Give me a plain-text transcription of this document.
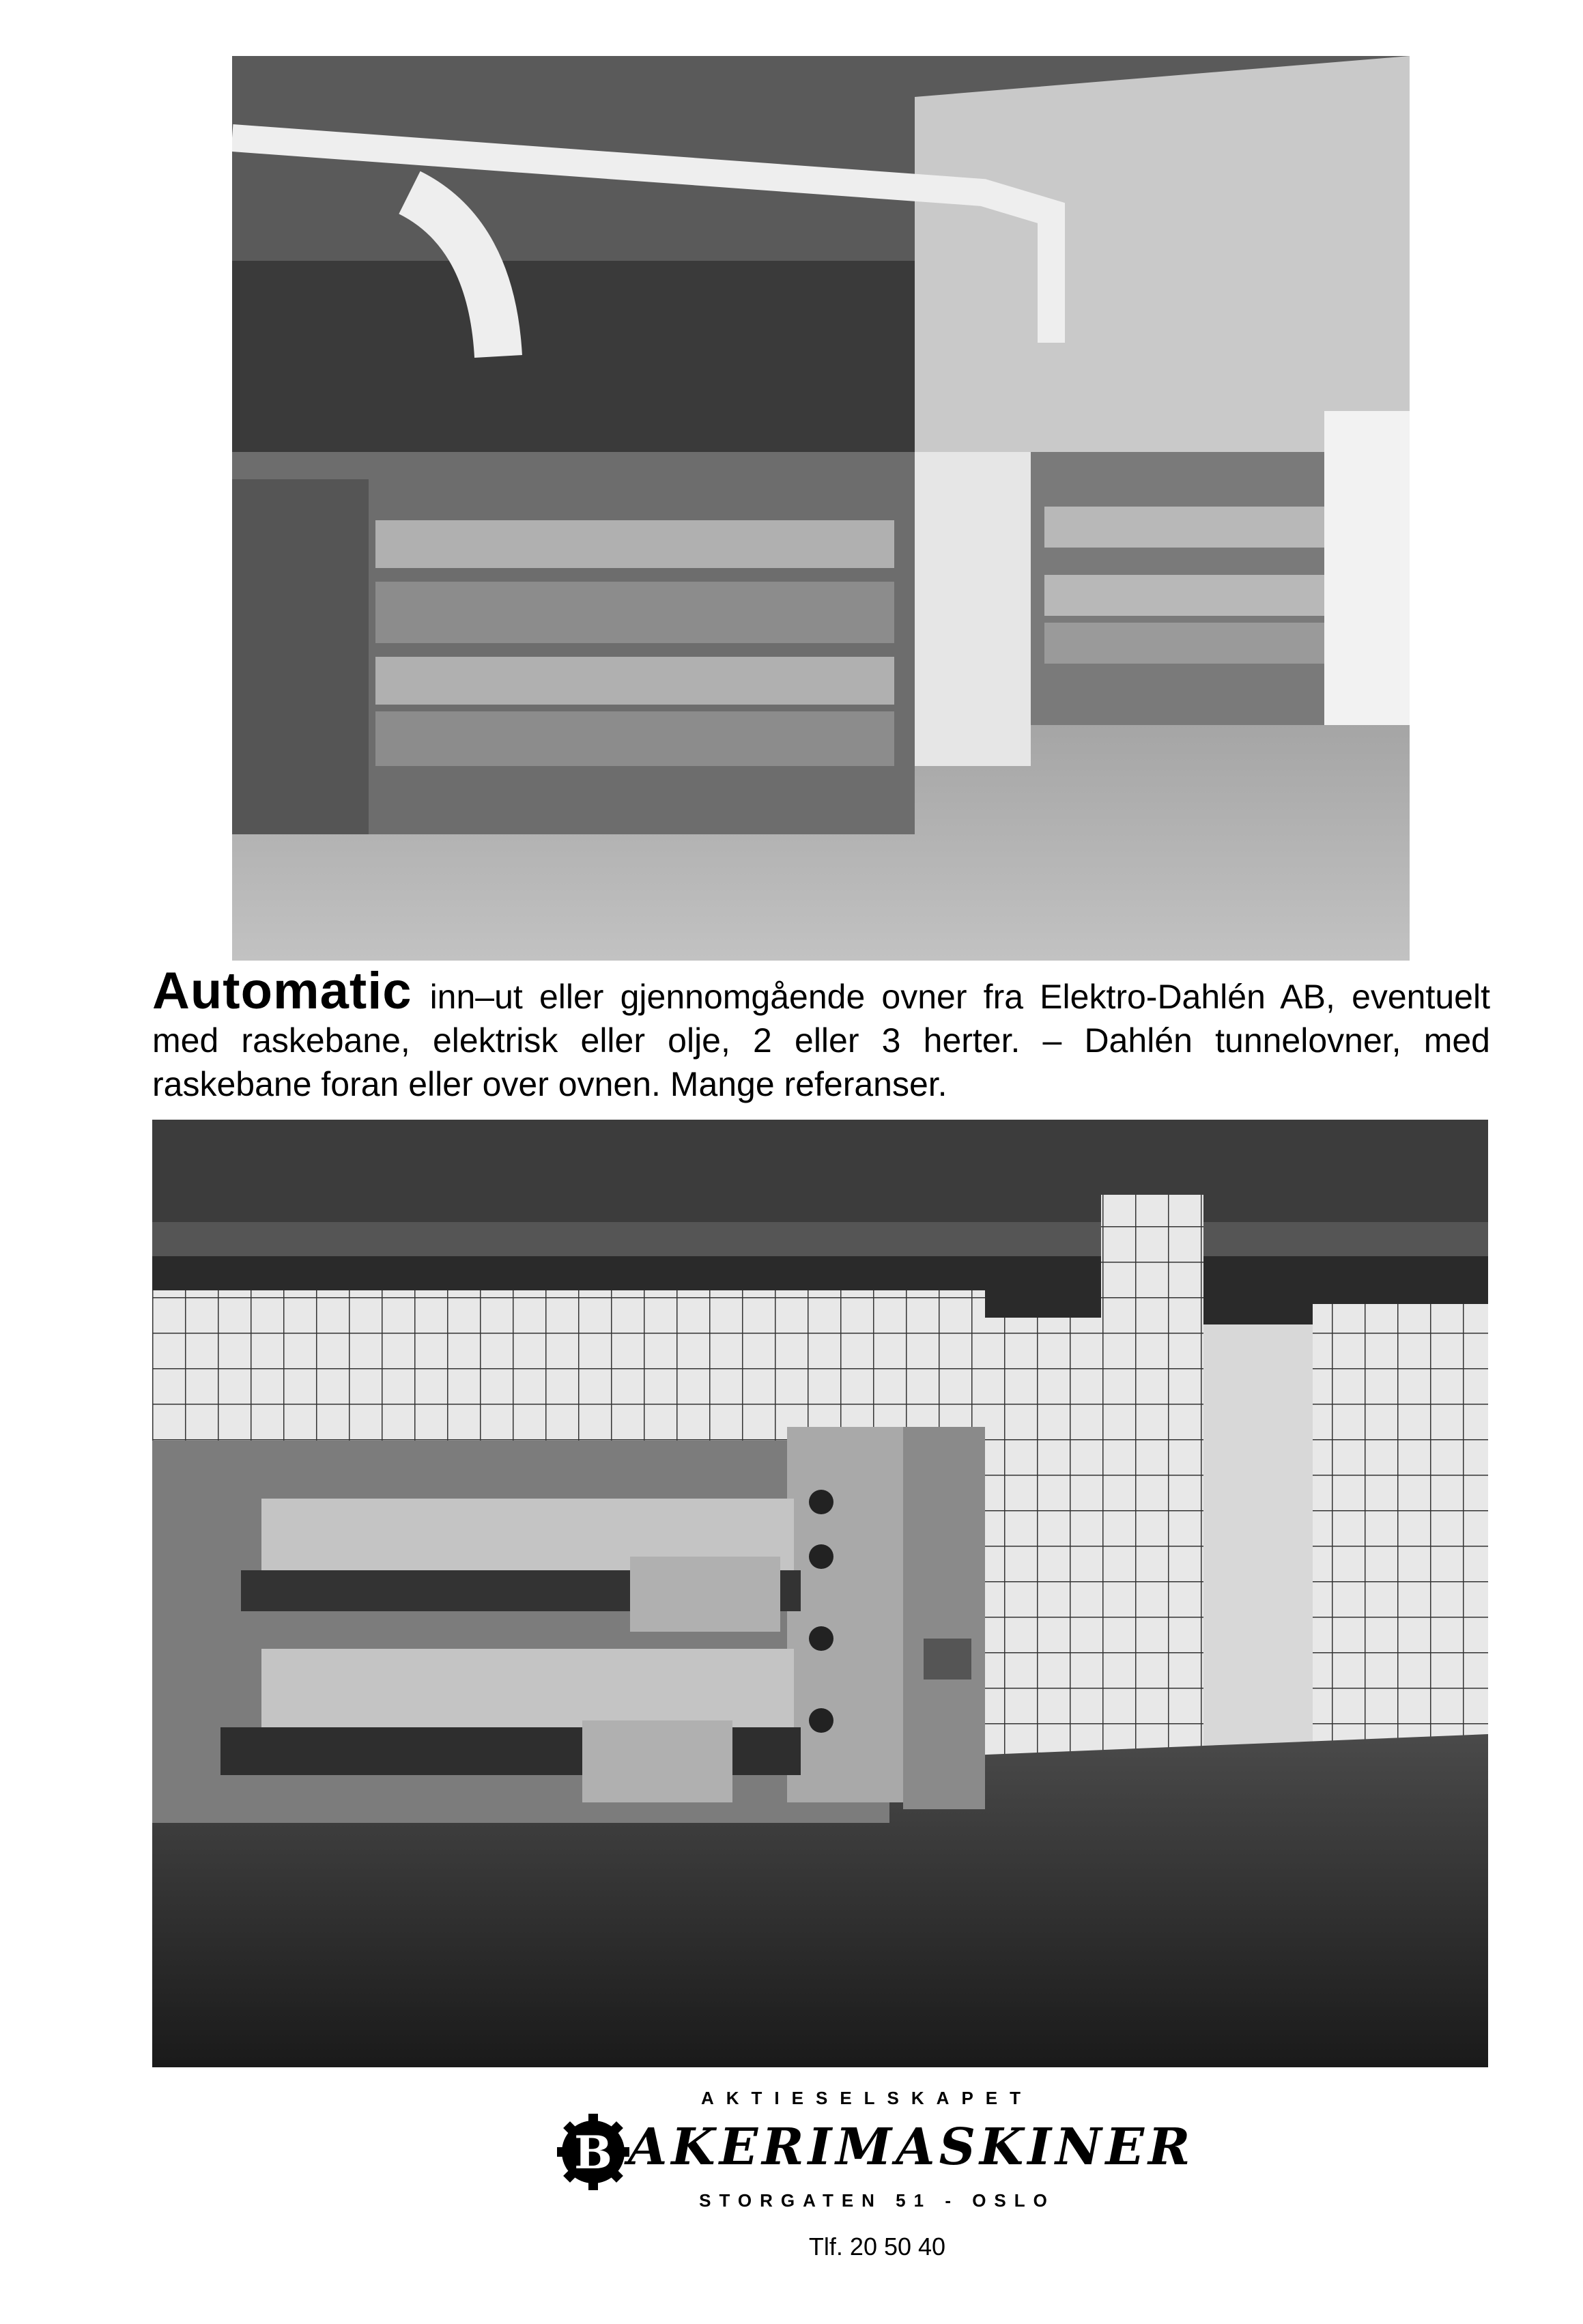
Automatic inn–ut eller gjennomgående ovner fra Elektro-Dahlén AB, eventuelt med raskebane, elektrisk eller olje, 2 eller 3 herter. – Dahlén tunnelovner, med raskebane foran eller over ovnen. Mange referanser.
AKTIESELSKAPET
B AKERIMASKINER
STORGATEN 51 - OSLO
Tlf. 20 50 40
